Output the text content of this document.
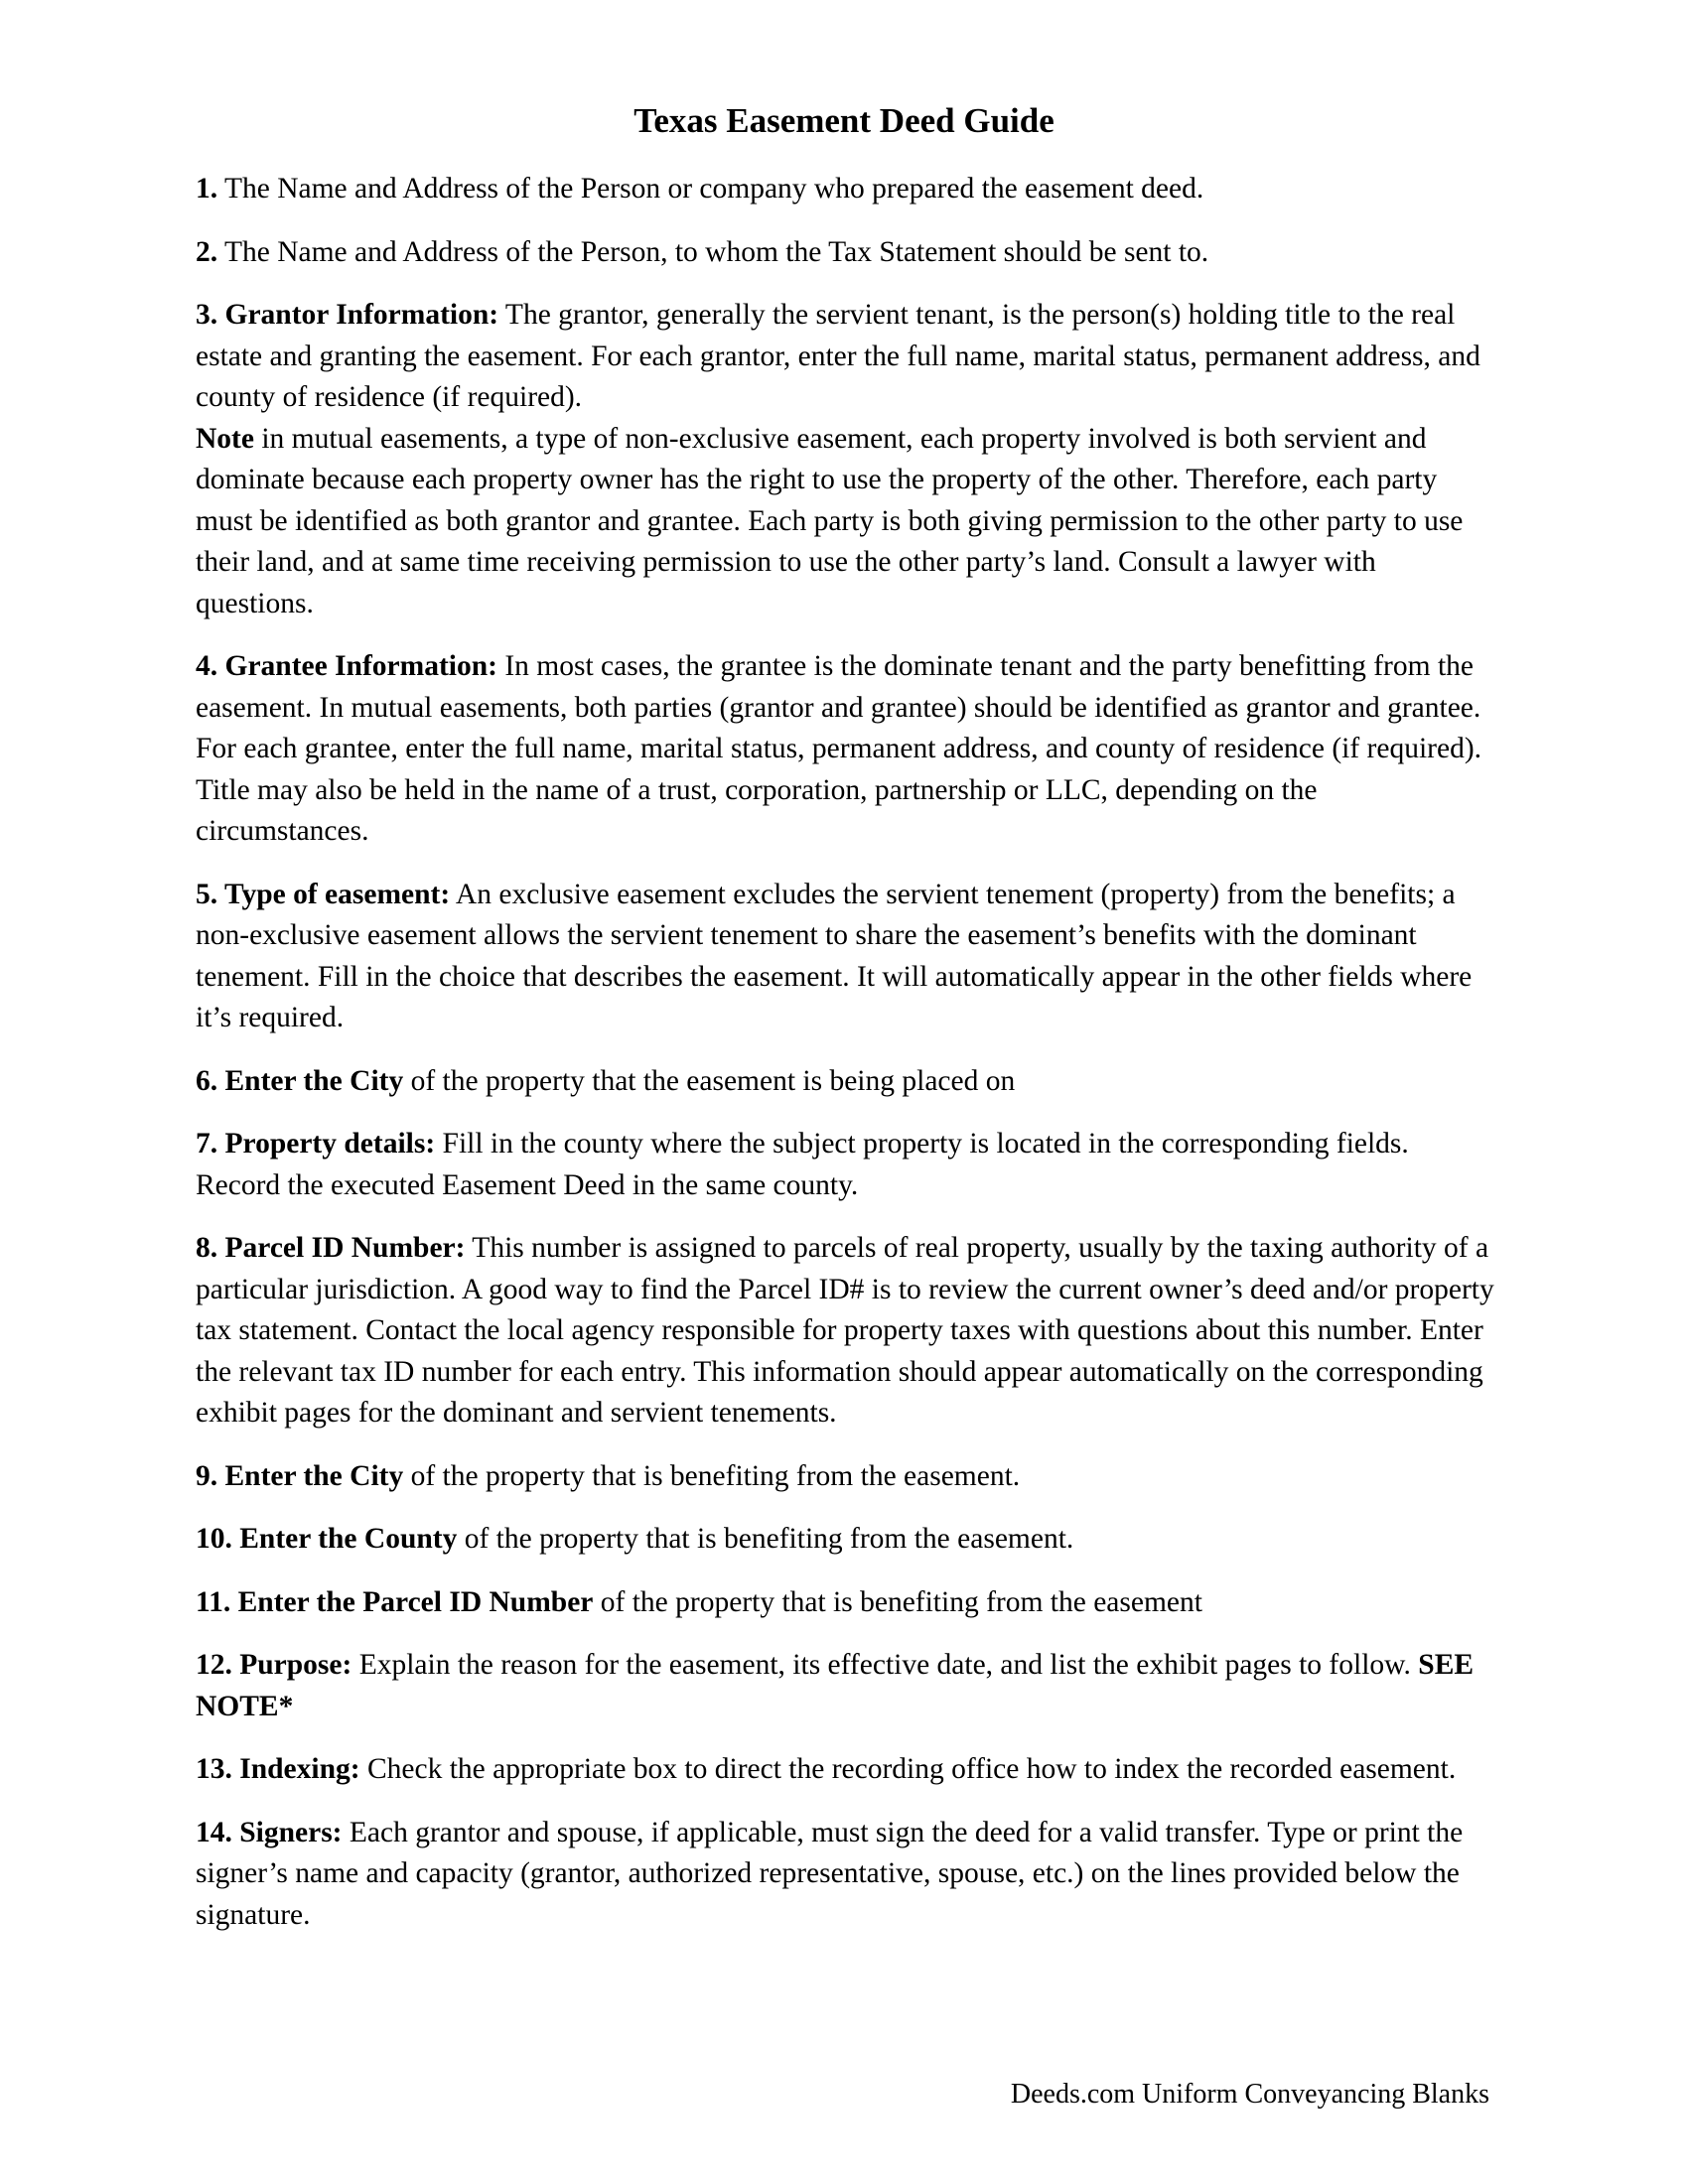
Texas Easement Deed Guide

1. The Name and Address of the Person or company who prepared the easement deed.

2. The Name and Address of the Person, to whom the Tax Statement should be sent to.

3. Grantor Information: The grantor, generally the servient tenant, is the person(s) holding title to the real estate and granting the easement. For each grantor, enter the full name, marital status, permanent address, and county of residence (if required).

Note in mutual easements, a type of non-exclusive easement, each property involved is both servient and dominate because each property owner has the right to use the property of the other. Therefore, each party must be identified as both grantor and grantee. Each party is both giving permission to the other party to use their land, and at same time receiving permission to use the other party’s land. Consult a lawyer with questions.

4. Grantee Information: In most cases, the grantee is the dominate tenant and the party benefitting from the easement. In mutual easements, both parties (grantor and grantee) should be identified as grantor and grantee. For each grantee, enter the full name, marital status, permanent address, and county of residence (if required). Title may also be held in the name of a trust, corporation, partnership or LLC, depending on the circumstances.

5. Type of easement: An exclusive easement excludes the servient tenement (property) from the benefits; a non-exclusive easement allows the servient tenement to share the easement’s benefits with the dominant tenement. Fill in the choice that describes the easement. It will automatically appear in the other fields where it’s required.

6. Enter the City of the property that the easement is being placed on

7. Property details: Fill in the county where the subject property is located in the corresponding fields. Record the executed Easement Deed in the same county.

8. Parcel ID Number: This number is assigned to parcels of real property, usually by the taxing authority of a particular jurisdiction. A good way to find the Parcel ID# is to review the current owner’s deed and/or property tax statement. Contact the local agency responsible for property taxes with questions about this number. Enter the relevant tax ID number for each entry. This information should appear automatically on the corresponding exhibit pages for the dominant and servient tenements.

9. Enter the City of the property that is benefiting from the easement.

10. Enter the County of the property that is benefiting from the easement.

11. Enter the Parcel ID Number of the property that is benefiting from the easement

12. Purpose: Explain the reason for the easement, its effective date, and list the exhibit pages to follow. SEE NOTE*

13. Indexing: Check the appropriate box to direct the recording office how to index the recorded easement.

14. Signers: Each grantor and spouse, if applicable, must sign the deed for a valid transfer. Type or print the signer’s name and capacity (grantor, authorized representative, spouse, etc.) on the lines provided below the signature.

Deeds.com Uniform Conveyancing Blanks
